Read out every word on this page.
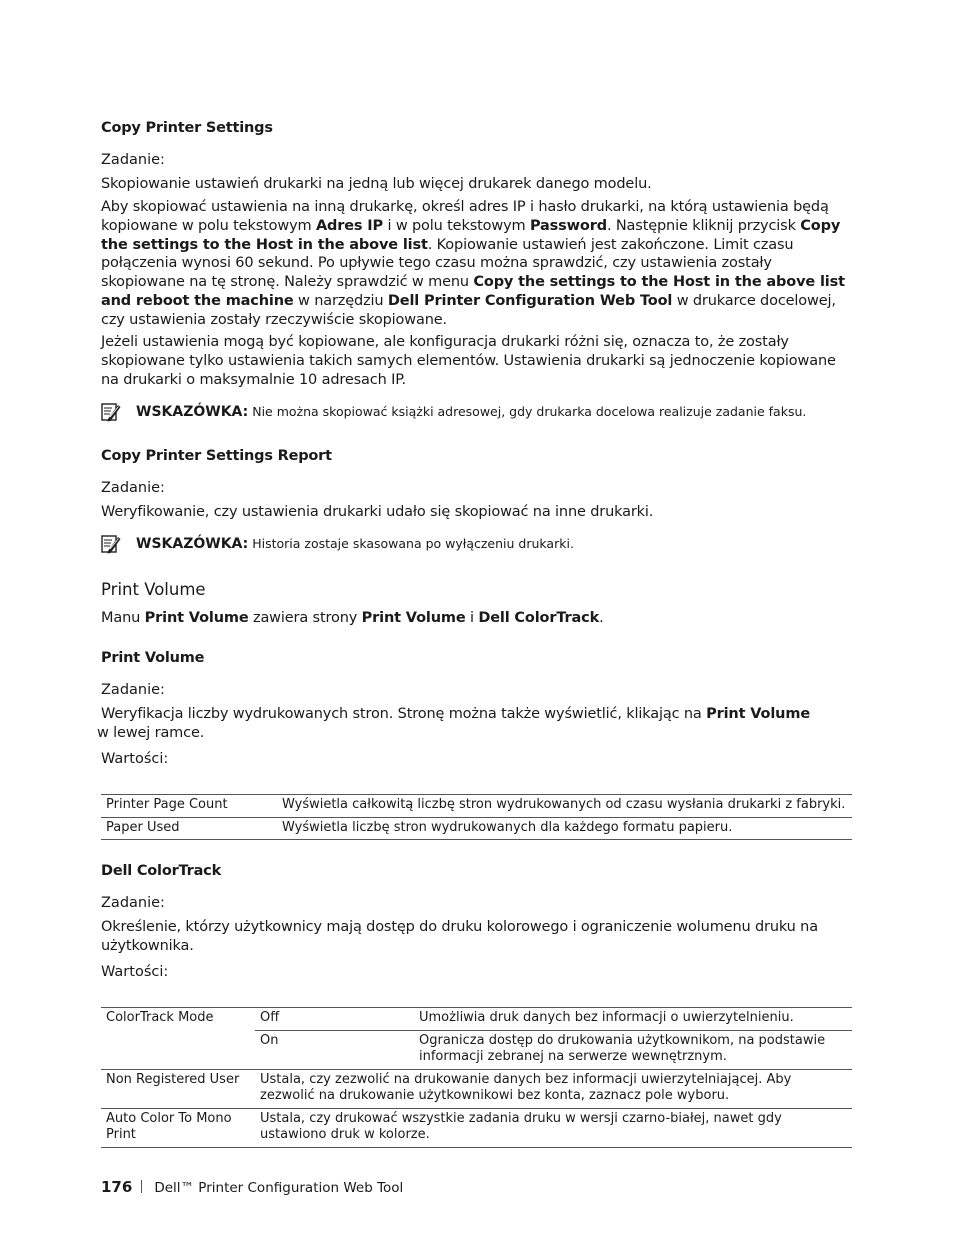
Copy Printer Settings
Zadanie:
Skopiowanie ustawień drukarki na jedną lub więcej drukarek danego modelu.
Aby skopiować ustawienia na inną drukarkę, określ adres IP i hasło drukarki, na którą ustawienia będą kopiowane w polu tekstowym Adres IP i w polu tekstowym Password. Następnie kliknij przycisk Copy the settings to the Host in the above list. Kopiowanie ustawień jest zakończone. Limit czasu połączenia wynosi 60 sekund. Po upływie tego czasu można sprawdzić, czy ustawienia zostały skopiowane na tę stronę. Należy sprawdzić w menu Copy the settings to the Host in the above list and reboot the machine w narzędziu Dell Printer Configuration Web Tool w drukarce docelowej, czy ustawienia zostały rzeczywiście skopiowane.
Jeżeli ustawienia mogą być kopiowane, ale konfiguracja drukarki różni się, oznacza to, że zostały skopiowane tylko ustawienia takich samych elementów. Ustawienia drukarki są jednoczenie kopiowane na drukarki o maksymalnie 10 adresach IP.
WSKAZÓWKA: Nie można skopiować książki adresowej, gdy drukarka docelowa realizuje zadanie faksu.
Copy Printer Settings Report
Zadanie:
Weryfikowanie, czy ustawienia drukarki udało się skopiować na inne drukarki.
WSKAZÓWKA: Historia zostaje skasowana po wyłączeniu drukarki.
Print Volume
Manu Print Volume zawiera strony Print Volume i Dell ColorTrack.
Print Volume
Zadanie:
Weryfikacja liczby wydrukowanych stron. Stronę można także wyświetlić, klikając na Print Volume
w lewej ramce.
Wartości:
Printer Page Count	Wyświetla całkowitą liczbę stron wydrukowanych od czasu wysłania drukarki z fabryki.
Paper Used	Wyświetla liczbę stron wydrukowanych dla każdego formatu papieru.
Dell ColorTrack
Zadanie:
Określenie, którzy użytkownicy mają dostęp do druku kolorowego i ograniczenie wolumenu druku na użytkownika.
Wartości:
ColorTrack Mode	Off	Umożliwia druk danych bez informacji o uwierzytelnieniu.
	On	Ogranicza dostęp do drukowania użytkownikom, na podstawie informacji zebranej na serwerze wewnętrznym.
Non Registered User	Ustala, czy zezwolić na drukowanie danych bez informacji uwierzytelniającej. Aby zezwolić na drukowanie użytkownikowi bez konta, zaznacz pole wyboru.	
Auto Color To Mono Print	Ustala, czy drukować wszystkie zadania druku w wersji czarno-białej, nawet gdy ustawiono druk w kolorze.	
176 Dell™ Printer Configuration Web Tool
